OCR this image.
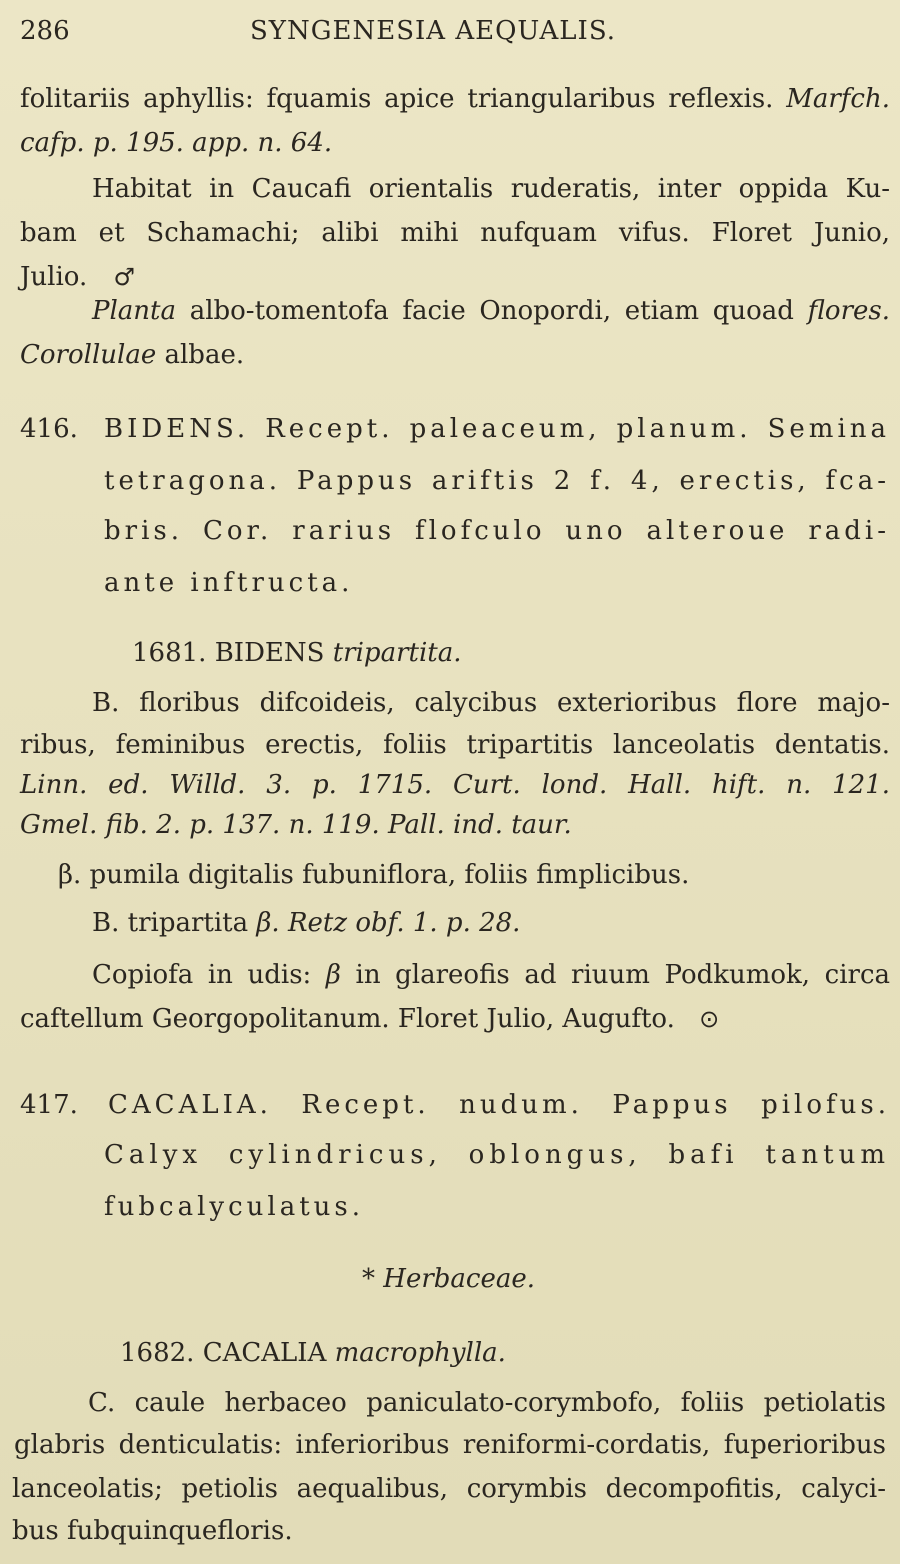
286	SYNGENESIA AEQUALIS.
folitariis aphyllis: fquamis apice triangularibus reflexis. Marfch.
cafp. p. 195. app. n. 64.
Habitat in Caucafi orientalis ruderatis, inter oppida Ku-
bam et Schamachi; alibi mihi nufquam vifus. Floret Junio,
Julio. ♂
Planta albo-tomentofa facie Onopordi, etiam quoad flores.
Corollulae albae.
416. BIDENS. Recept. paleaceum, planum. Semina
tetragona. Pappus ariftis 2 f. 4, erectis, fca-
bris. Cor. rarius flofculo uno alteroue radi-
ante inftructa.
1681. BIDENS tripartita.
B. floribus difcoideis, calycibus exterioribus flore majo-
ribus, feminibus erectis, foliis tripartitis lanceolatis dentatis.
Linn. ed. Willd. 3. p. 1715. Curt. lond. Hall. hift. n. 121.
Gmel. fib. 2. p. 137. n. 119. Pall. ind. taur.
β. pumila digitalis fubuniflora, foliis fimplicibus.
B. tripartita β. Retz obf. 1. p. 28.
Copiofa in udis: β in glareofis ad riuum Podkumok, circa
caftellum Georgopolitanum. Floret Julio, Augufto. ⊙
417. CACALIA. Recept. nudum. Pappus pilofus.
Calyx cylindricus, oblongus, bafi tantum
fubcalyculatus.
* Herbaceae.
1682. CACALIA macrophylla.
C. caule herbaceo paniculato-corymbofo, foliis petiolatis
glabris denticulatis: inferioribus reniformi-cordatis, fuperioribus
lanceolatis; petiolis aequalibus, corymbis decompofitis, calyci-
bus fubquinquefloris.
